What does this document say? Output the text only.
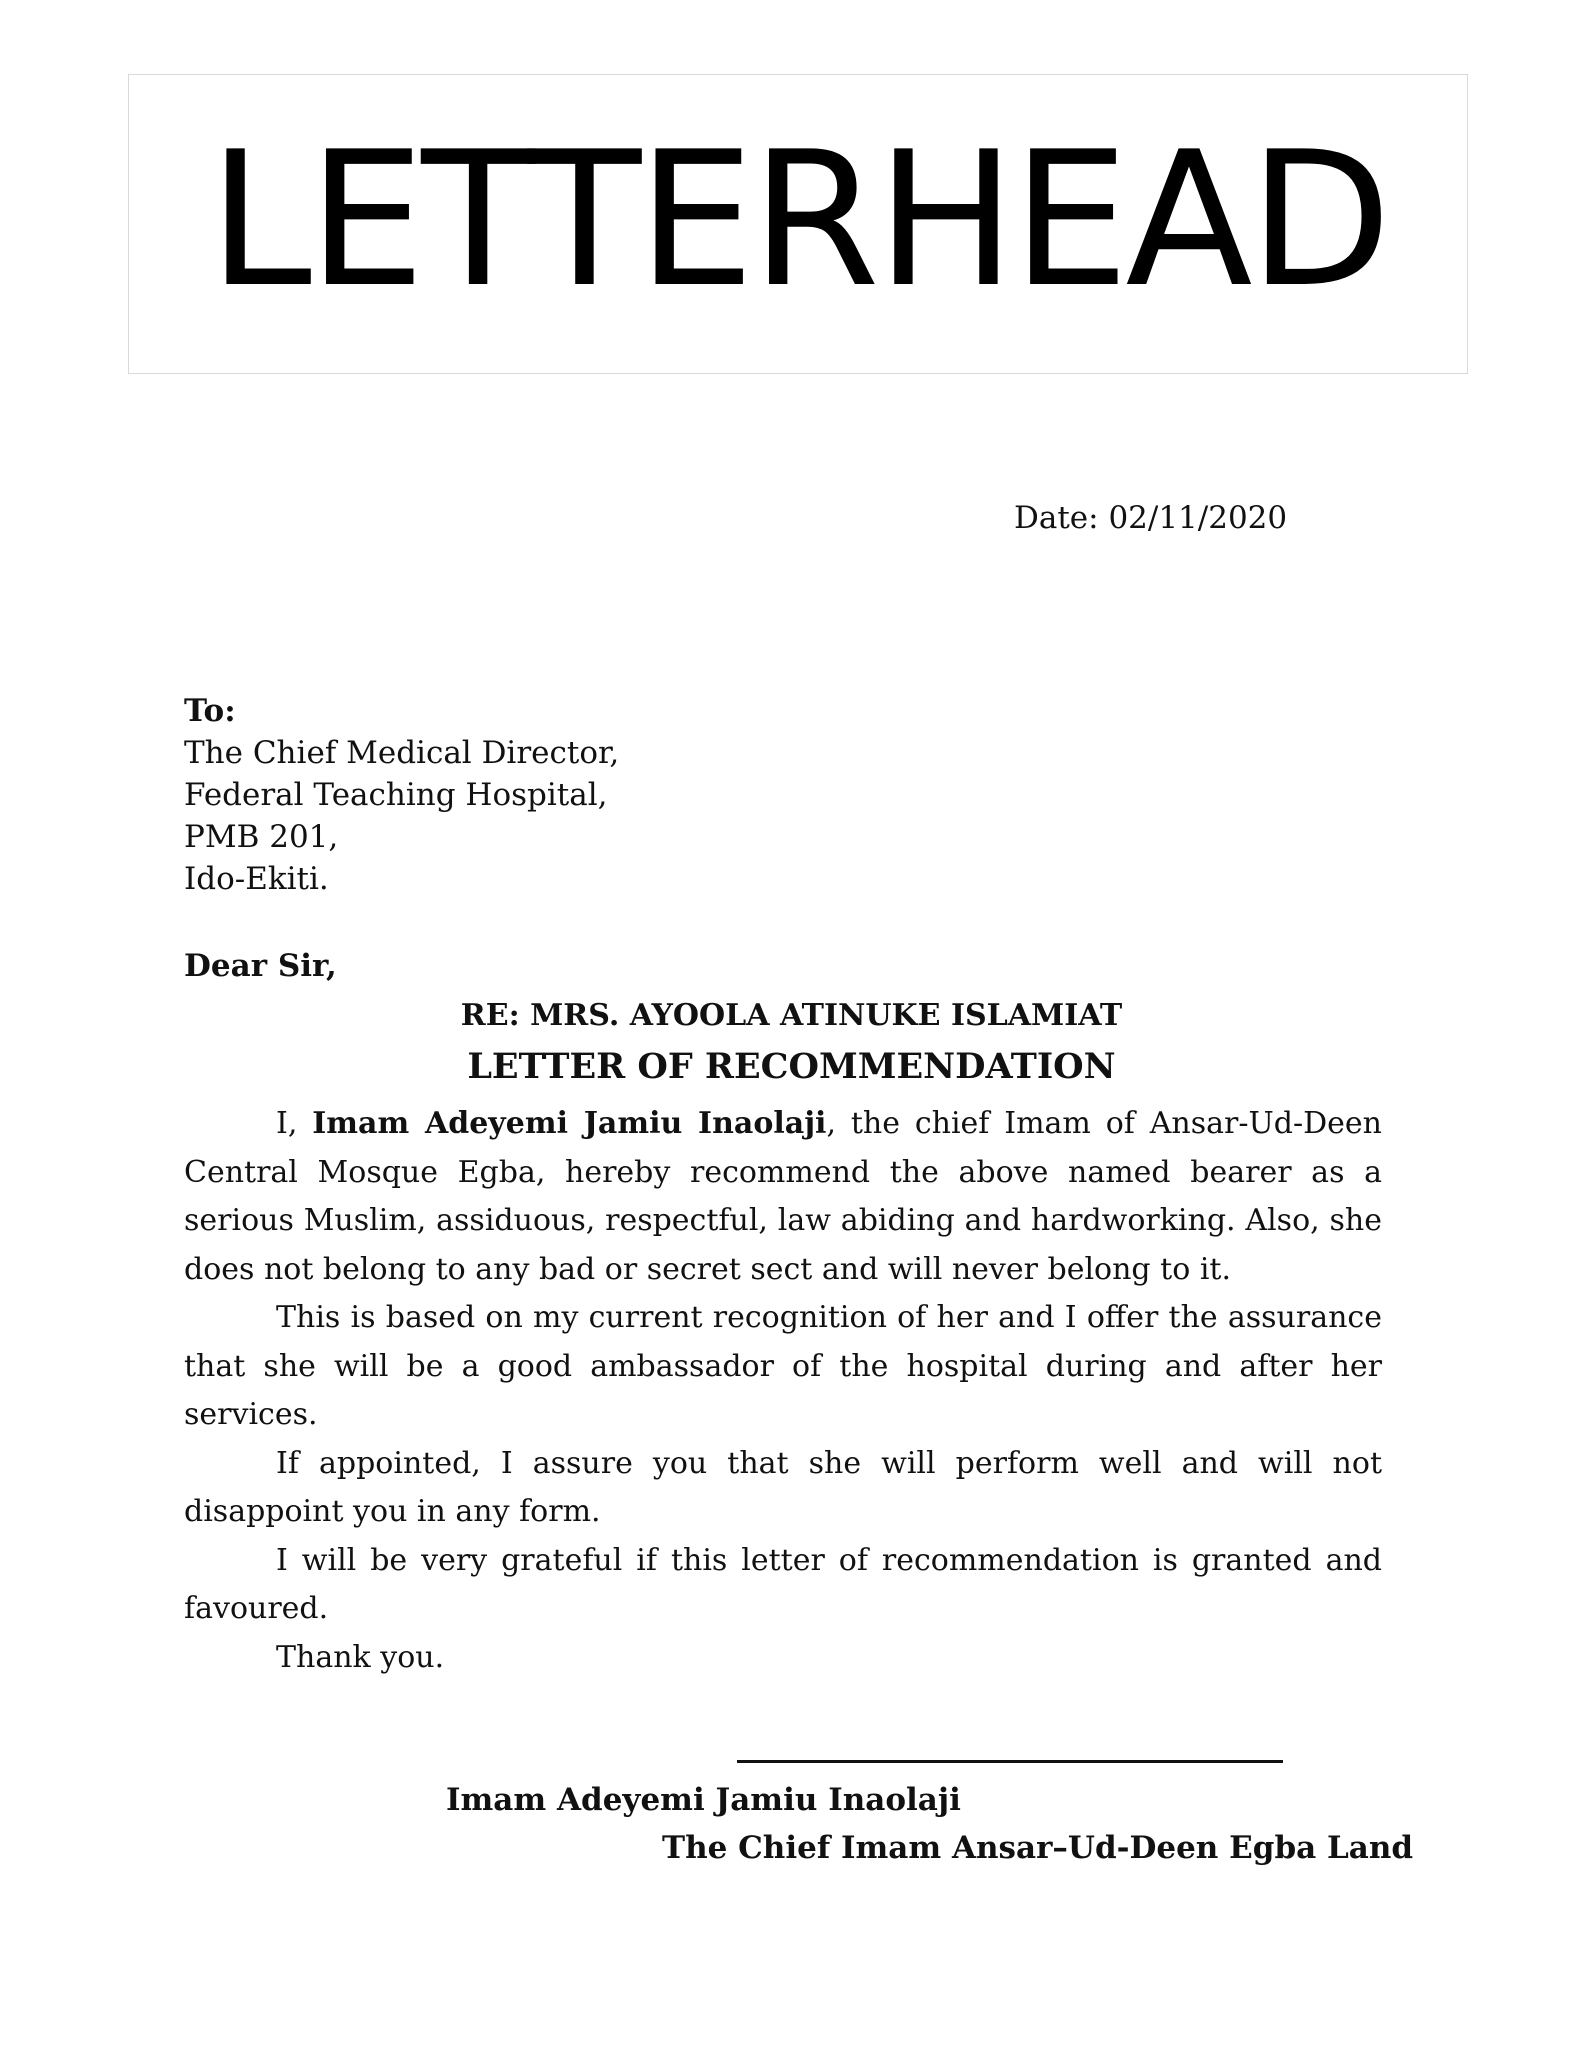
LETTERHEAD
Date: 02/11/2020
To:
The Chief Medical Director,
Federal Teaching Hospital,
PMB 201,
Ido-Ekiti.
Dear Sir,
RE: MRS. AYOOLA ATINUKE ISLAMIAT
LETTER OF RECOMMENDATION

I, Imam Adeyemi Jamiu Inaolaji, the chief Imam of Ansar-Ud-Deen Central Mosque Egba, hereby recommend the above named bearer as a serious Muslim, assiduous, respectful, law abiding and hardworking. Also, she does not belong to any bad or secret sect and will never belong to it.

This is based on my current recognition of her and I offer the assurance that she will be a good ambassador of the hospital during and after her services.

If appointed, I assure you that she will perform well and will not disappoint you in any form.

I will be very grateful if this letter of recommendation is granted and favoured.

Thank you.

Imam Adeyemi Jamiu Inaolaji
The Chief Imam Ansar–Ud-Deen Egba Land
